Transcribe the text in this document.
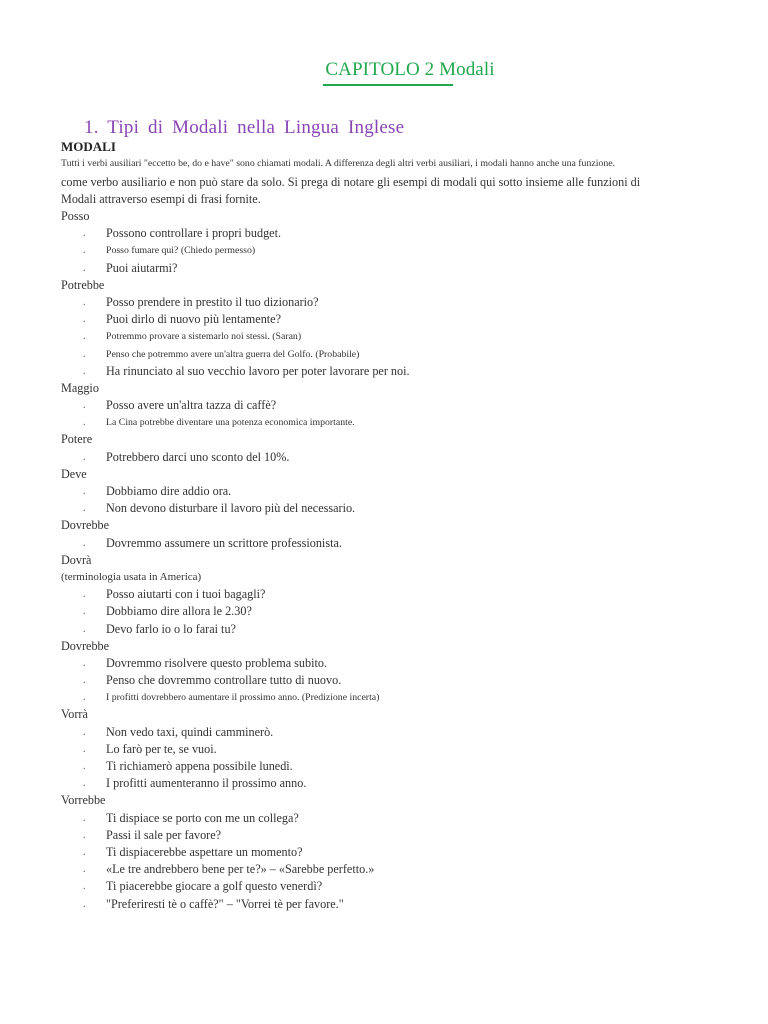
CAPITOLO 2 Modali
1. Tipi di Modali nella Lingua Inglese
MODALI
Tutti i verbi ausiliari "eccetto be, do e have" sono chiamati modali. A differenza degli altri verbi ausiliari, i modali hanno anche una funzione.
come verbo ausiliario e non può stare da solo. Si prega di notare gli esempi di modali qui sotto insieme alle funzioni di
Modali attraverso esempi di frasi fornite.
Posso
. Possono controllare i propri budget.
. Posso fumare qui? (Chiedo permesso)
. Puoi aiutarmi?
Potrebbe
. Posso prendere in prestito il tuo dizionario?
. Puoi dirlo di nuovo più lentamente?
. Potremmo provare a sistemarlo noi stessi. (Saran)
. Penso che potremmo avere un'altra guerra del Golfo. (Probabile)
. Ha rinunciato al suo vecchio lavoro per poter lavorare per noi.
Maggio
. Posso avere un'altra tazza di caffè?
. La Cina potrebbe diventare una potenza economica importante.
Potere
. Potrebbero darci uno sconto del 10%.
Deve
. Dobbiamo dire addio ora.
. Non devono disturbare il lavoro più del necessario.
Dovrebbe
. Dovremmo assumere un scrittore professionista.
Dovrà
(terminologia usata in America)
. Posso aiutarti con i tuoi bagagli?
. Dobbiamo dire allora le 2.30?
. Devo farlo io o lo farai tu?
Dovrebbe
. Dovremmo risolvere questo problema subito.
. Penso che dovremmo controllare tutto di nuovo.
. I profitti dovrebbero aumentare il prossimo anno. (Predizione incerta)
Vorrà
. Non vedo taxi, quindi camminerò.
. Lo farò per te, se vuoi.
. Ti richiamerò appena possibile lunedì.
. I profitti aumenteranno il prossimo anno.
Vorrebbe
. Ti dispiace se porto con me un collega?
. Passi il sale per favore?
. Ti dispiacerebbe aspettare un momento?
. «Le tre andrebbero bene per te?» – «Sarebbe perfetto.»
. Ti piacerebbe giocare a golf questo venerdì?
. "Preferiresti tè o caffè?" – "Vorrei tè per favore."
